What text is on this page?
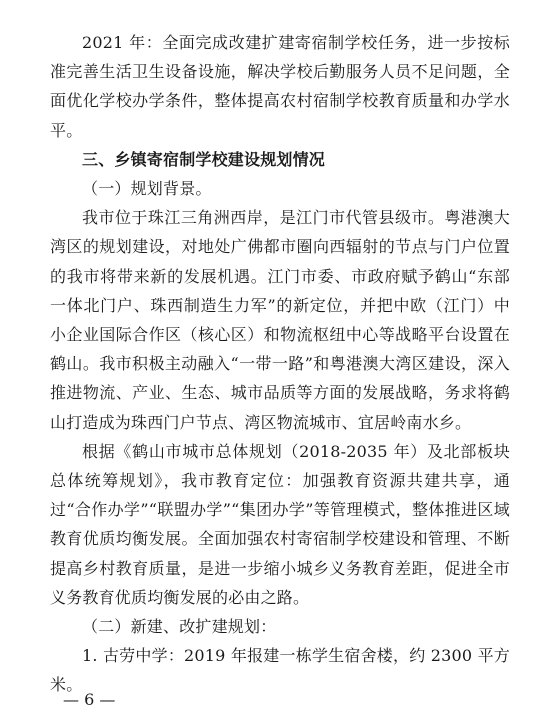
2021 年：全面完成改建扩建寄宿制学校任务，进一步按标准完善生活卫生设备设施，解决学校后勤服务人员不足问题，全面优化学校办学条件，整体提高农村宿制学校教育质量和办学水平。

三、乡镇寄宿制学校建设规划情况

（一）规划背景。

我市位于珠江三角洲西岸，是江门市代管县级市。粤港澳大湾区的规划建设，对地处广佛都市圈向西辐射的节点与门户位置的我市将带来新的发展机遇。江门市委、市政府赋予鹤山“东部一体北门户、珠西制造生力军”的新定位，并把中欧（江门）中小企业国际合作区（核心区）和物流枢纽中心等战略平台设置在鹤山。我市积极主动融入“一带一路”和粤港澳大湾区建设，深入推进物流、产业、生态、城市品质等方面的发展战略，务求将鹤山打造成为珠西门户节点、湾区物流城市、宜居岭南水乡。

根据《鹤山市城市总体规划（2018-2035 年）及北部板块总体统筹规划》，我市教育定位：加强教育资源共建共享，通过“合作办学”“联盟办学”“集团办学”等管理模式，整体推进区域教育优质均衡发展。全面加强农村寄宿制学校建设和管理、不断提高乡村教育质量，是进一步缩小城乡义务教育差距，促进全市义务教育优质均衡发展的必由之路。

（二）新建、改扩建规划：

1. 古劳中学：2019 年报建一栋学生宿舍楼，约 2300 平方米。

— 6 —
